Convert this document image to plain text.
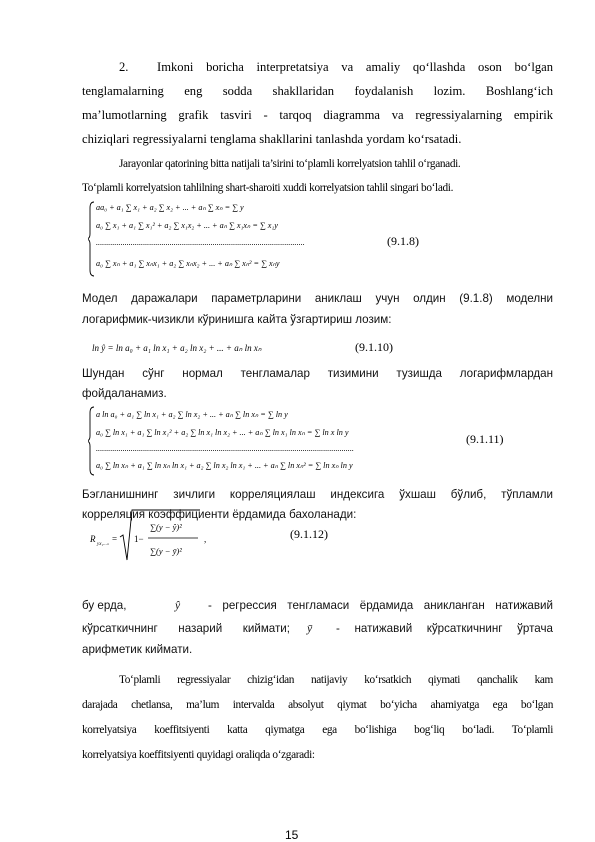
2. Imkoni boricha interpretatsiya va amaliy qo‘llashda oson bo‘lgan
tenglamalarning eng sodda shakllaridan foydalanish lozim. Boshlang‘ich
ma’lumotlarning grafik tasviri - tarqoq diagramma va regressiyalarning empirik
chiziqlari regressiyalarni tenglama shakllarini tanlashda yordam ko‘rsatadi.
Jarayonlar qatorining bitta natijali ta’sirini to‘plamli korrelyatsion tahlil o‘rganadi.
To‘plamli korrelyatsion tahlilning shart-sharoiti xuddi korrelyatsion tahlil singari bo‘ladi.
aa₀ + a₁ ∑ x₁ + a₂ ∑ x₂ + ... + aₙ ∑ xₙ = ∑ y
a₀ ∑ x₁ + a₁ ∑ x₁² + a₂ ∑ x₁x₂ + ... + aₙ ∑ x₁xₙ = ∑ x₁y
......................................................................................................
a₀ ∑ xₙ + a₁ ∑ xₙx₁ + a₂ ∑ xₙx₂ + ... + aₙ ∑ xₙ² = ∑ xₙy
(9.1.8)
Модел даражалари параметрларини аниклаш учун олдин (9.1.8) моделни
логарифмик-чизикли кўринишга кайта ўзгартириш лозим:
ln ŷ = ln a₀ + a₁ ln x₁ + a₂ ln x₂ + ... + aₙ ln xₙ	(9.1.10)
Шундан сўнг нормал тенгламалар тизимини тузишда логарифмлардан
фойдаланамиз.
a ln a₀ + a₁ ∑ ln x₁ + a₂ ∑ ln x₂ + ... + aₙ ∑ ln xₙ = ∑ ln y
a₀ ∑ ln x₁ + a₁ ∑ ln x₁² + a₂ ∑ ln x₁ ln x₂ + ... + aₙ ∑ ln x₁ ln xₙ = ∑ ln x ln y
..............................................................................................................................
a₀ ∑ ln xₙ + a₁ ∑ ln xₙ ln x₁ + a₂ ∑ ln x₂ ln x₁ + ... + aₙ ∑ ln xₙ² = ∑ ln xₙ ln y
(9.1.11)
Бэгланишнинг зичлиги корреляциялаш индексига ўхшаш бўлиб, тўпламли
корреляция коэффициенти ёрдамида бахоланади:
R
yx₁...ₙ
= 1−
∑(y − ŷ)²
∑(y − ȳ)²
,	(9.1.12)
бу ерда,	ŷ - регрессия тенгламаси ёрдамида аникланган натижавий
кўрсаткичнинг назарий киймати; ȳ - натижавий кўрсаткичнинг ўртача
арифметик киймати.
To‘plamli regressiyalar chizig‘idan natijaviy ko‘rsatkich qiymati qanchalik kam
darajada chetlansa, ma’lum intervalda absolyut qiymat bo‘yicha ahamiyatga ega bo‘lgan
korrelyatsiya koeffitsiyenti katta qiymatga ega bo‘lishiga bog‘liq bo‘ladi. To‘plamli
korrelyatsiya koeffitsiyenti quyidagi oraliqda o‘zgaradi:
15
